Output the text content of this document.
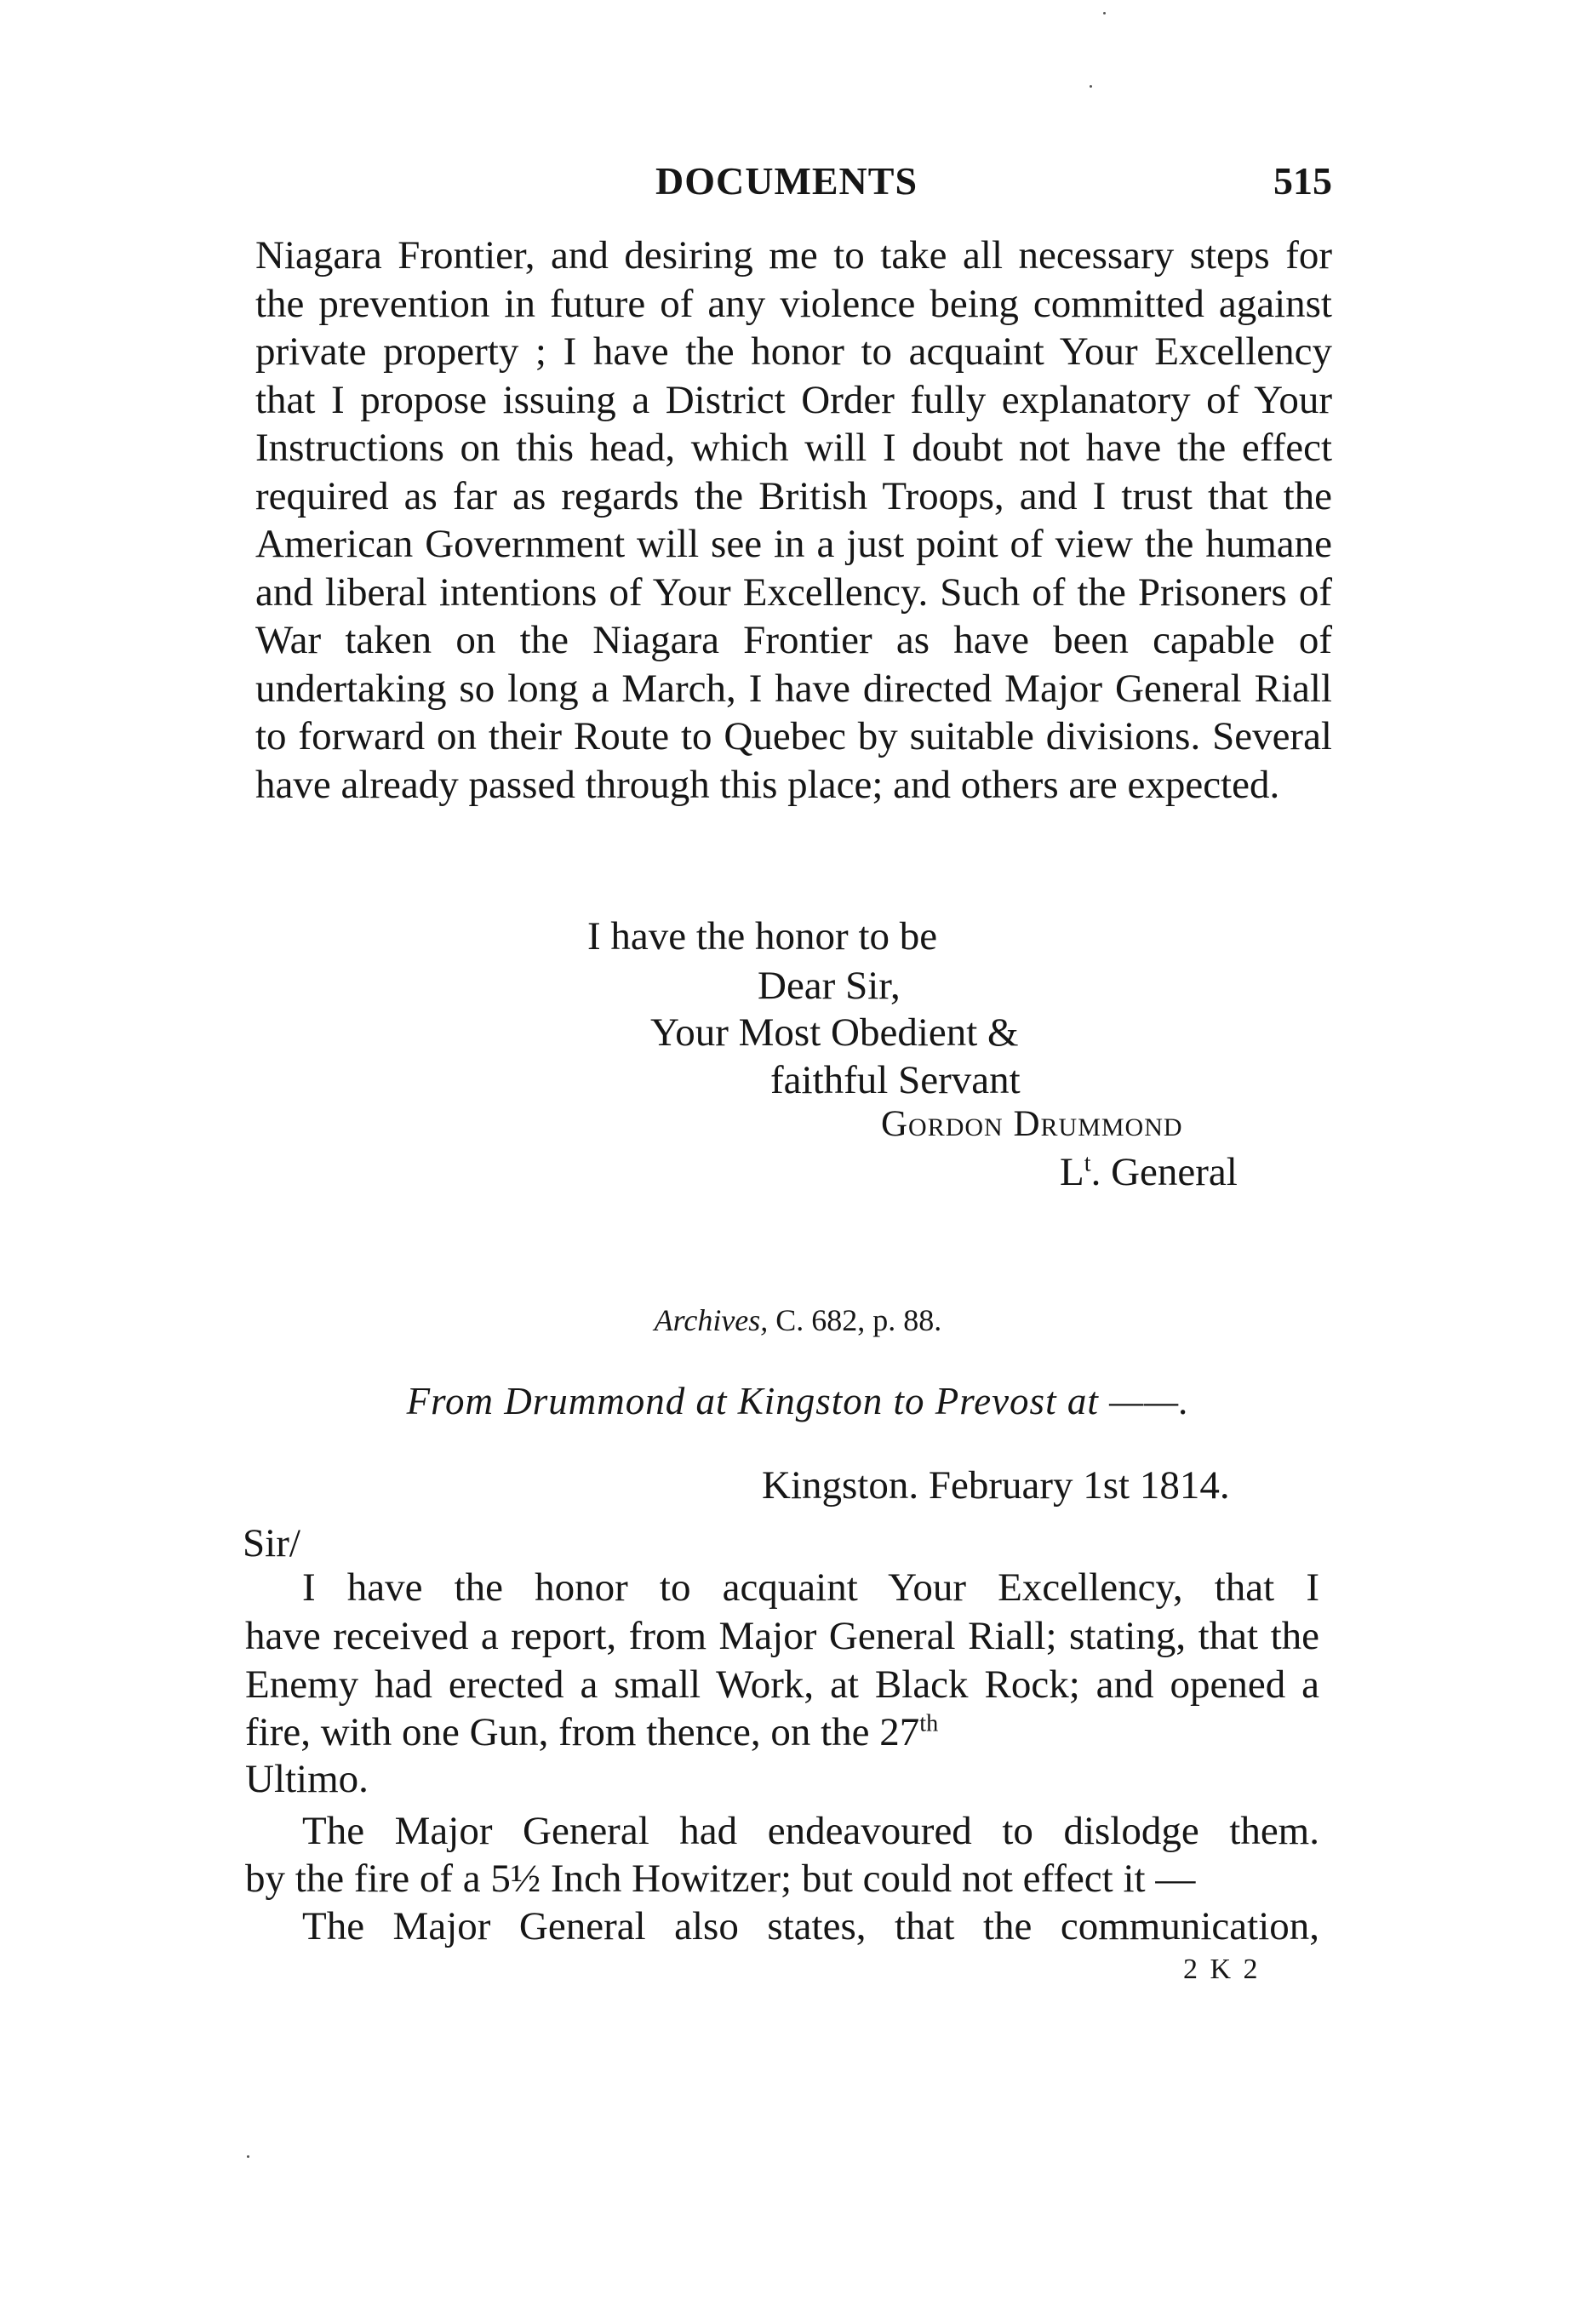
DOCUMENTS	515

Niagara Frontier, and desiring me to take all necessary steps for the prevention in future of any violence being committed against private property ; I have the honor to acquaint Your Excellency that I propose issuing a District Order fully explanatory of Your Instructions on this head, which will I doubt not have the effect required as far as regards the British Troops, and I trust that the American Government will see in a just point of view the humane and liberal intentions of Your Excellency. Such of the Prisoners of War taken on the Niagara Frontier as have been capable of undertaking so long a March, I have directed Major General Riall to forward on their Route to Quebec by suitable divisions. Several have already passed through this place; and others are expected.

I have the honor to be
Dear Sir,
Your Most Obedient &
faithful Servant
Gordon Drummond
$L^t$. General
Archives, C. 682, p. 88.
From Drummond at Kingston to Prevost at ——.
Kingston. February 1st 1814.
Sir/
I have the honor to acquaint Your Excellency, that I

have received a report, from Major General Riall; stating, that the Enemy had erected a small Work, at Black Rock; and opened a fire, with one Gun, from thence, on the 27th

Ultimo.
The Major General had endeavoured to dislodge them.
by the fire of a 5½ Inch Howitzer; but could not effect it —
The Major General also states, that the communication,
2 K 2
